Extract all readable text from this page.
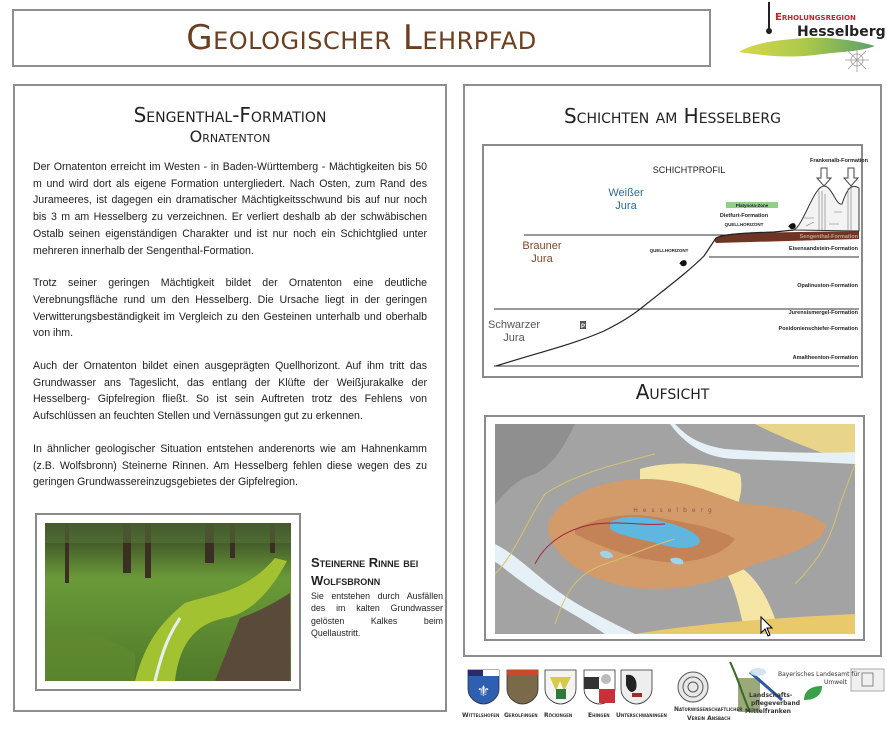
Geologischer Lehrpfad
Erholungsregion
Hesselberg
Sengenthal-Formation
Ornatenton

Der Ornatenton erreicht im Westen - in Baden-Württemberg - Mächtigkeiten bis 50 m und wird dort als eigene Formation untergliedert. Nach Osten, zum Rand des Jurameeres, ist dagegen ein dramatischer Mächtigkeitsschwund bis auf nur noch bis 3 m am Hesselberg zu verzeichnen. Er verliert deshalb ab der schwäbischen Ostalb seinen eigenständigen Charakter und ist nur noch ein Schichtglied unter mehreren innerhalb der Sengenthal-Formation.

Trotz seiner geringen Mächtigkeit bildet der Ornatenton eine deutliche Verebnungsfläche rund um den Hesselberg. Die Ursache liegt in der geringen Verwitterungsbeständigkeit im Vergleich zu den Gesteinen unterhalb und oberhalb von ihm.

Auch der Ornatenton bildet einen ausgeprägten Quellhorizont. Auf ihm tritt das Grundwasser ans Tageslicht, das entlang der Klüfte der Weißjurakalke der Hesselberg- Gipfelregion fließt. So ist sein Auftreten trotz des Fehlens von Aufschlüssen an feuchten Stellen und Vernässungen gut zu erkennen.

In ähnlicher geologischer Situation entstehen anderenorts wie am Hahnenkamm (z.B. Wolfsbronn) Steinerne Rinnen. Am Hesselberg fehlen diese wegen des zu geringen Grundwassereinzugsgebietes der Gipfelregion.

Steinerne Rinne bei Wolfsbronn
Sie entstehen durch Ausfällen des im kalten Grundwasser gelösten Kalkes beim Quellaustritt.
Schichten am Hesselberg
P
SCHICHTPROFIL
Weißer
Jura
Brauner
Jura
Schwarzer
Jura
Frankenalb-Formation
Platynota-Zone
Dietfurt-Formation
QUELLHORIZONT
Sengenthal-Formation
Eisensandstein-Formation
Opalinuston-Formation
Jurensismergel-Formation
Posidonienschiefer-Formation
Amaltheenton-Formation
QUELLHORIZONT
Aufsicht
Hesselberg
⚜
Wittelshofen Gerolfingen Röckingen	Ehingen Unterschwaningen
Naturwissenschaftlicher
Verein Ansbach
Landschafts-
pflegeverband
Mittelfranken
Bayerisches Landesamt für
Umwelt
